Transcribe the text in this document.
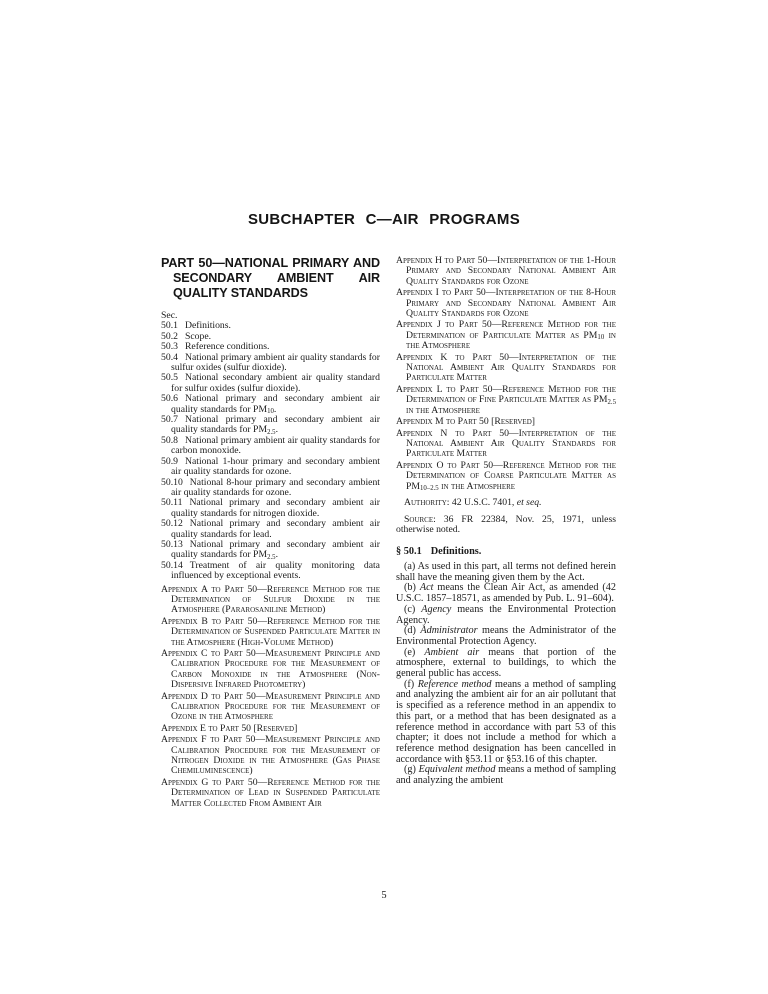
SUBCHAPTER C—AIR PROGRAMS
PART 50—NATIONAL PRIMARY AND SECONDARY AMBIENT AIR QUALITY STANDARDS

Sec.

50.1 Definitions.

50.2 Scope.

50.3 Reference conditions.

50.4 National primary ambient air quality standards for sulfur oxides (sulfur dioxide).

50.5 National secondary ambient air quality standard for sulfur oxides (sulfur dioxide).

50.6 National primary and secondary ambient air quality standards for $PM_{10}$.

50.7 National primary and secondary ambient air quality standards for $PM_{2.5}$.

50.8 National primary ambient air quality standards for carbon monoxide.

50.9 National 1-hour primary and secondary ambient air quality standards for ozone.

50.10 National 8-hour primary and secondary ambient air quality standards for ozone.

50.11 National primary and secondary ambient air quality standards for nitrogen dioxide.

50.12 National primary and secondary ambient air quality standards for lead.

50.13 National primary and secondary ambient air quality standards for $PM_{2.5}$.

50.14 Treatment of air quality monitoring data influenced by exceptional events.

Appendix A to Part 50—Reference Method for the Determination of Sulfur Dioxide in the Atmosphere (Pararosaniline Method)

Appendix B to Part 50—Reference Method for the Determination of Suspended Particulate Matter in the Atmosphere (High-Volume Method)

Appendix C to Part 50—Measurement Principle and Calibration Procedure for the Measurement of Carbon Monoxide in the Atmosphere (Non-Dispersive Infrared Photometry)

Appendix D to Part 50—Measurement Principle and Calibration Procedure for the Measurement of Ozone in the Atmosphere

Appendix E to Part 50 [Reserved]

Appendix F to Part 50—Measurement Principle and Calibration Procedure for the Measurement of Nitrogen Dioxide in the Atmosphere (Gas Phase Chemiluminescence)

Appendix G to Part 50—Reference Method for the Determination of Lead in Suspended Particulate Matter Collected From Ambient Air

Appendix H to Part 50—Interpretation of the 1-Hour Primary and Secondary National Ambient Air Quality Standards for Ozone

Appendix I to Part 50—Interpretation of the 8-Hour Primary and Secondary National Ambient Air Quality Standards for Ozone

Appendix J to Part 50—Reference Method for the Determination of Particulate Matter as $PM_{10}$ in the Atmosphere

Appendix K to Part 50—Interpretation of the National Ambient Air Quality Standards for Particulate Matter

Appendix L to Part 50—Reference Method for the Determination of Fine Particulate Matter as $PM_{2.5}$ in the Atmosphere

Appendix M to Part 50 [Reserved]

Appendix N to Part 50—Interpretation of the National Ambient Air Quality Standards for Particulate Matter

Appendix O to Part 50—Reference Method for the Determination of Coarse Particulate Matter as $PM_{10-2.5}$ in the Atmosphere

Authority: 42 U.S.C. 7401, et seq.

Source: 36 FR 22384, Nov. 25, 1971, unless otherwise noted.

§ 50.1 Definitions.

(a) As used in this part, all terms not defined herein shall have the meaning given them by the Act.

(b) Act means the Clean Air Act, as amended (42 U.S.C. 1857–18571, as amended by Pub. L. 91–604).

(c) Agency means the Environmental Protection Agency.

(d) Administrator means the Administrator of the Environmental Protection Agency.

(e) Ambient air means that portion of the atmosphere, external to buildings, to which the general public has access.

(f) Reference method means a method of sampling and analyzing the ambient air for an air pollutant that is specified as a reference method in an appendix to this part, or a method that has been designated as a reference method in accordance with part 53 of this chapter; it does not include a method for which a reference method designation has been cancelled in accordance with §53.11 or §53.16 of this chapter.

(g) Equivalent method means a method of sampling and analyzing the ambient

5
